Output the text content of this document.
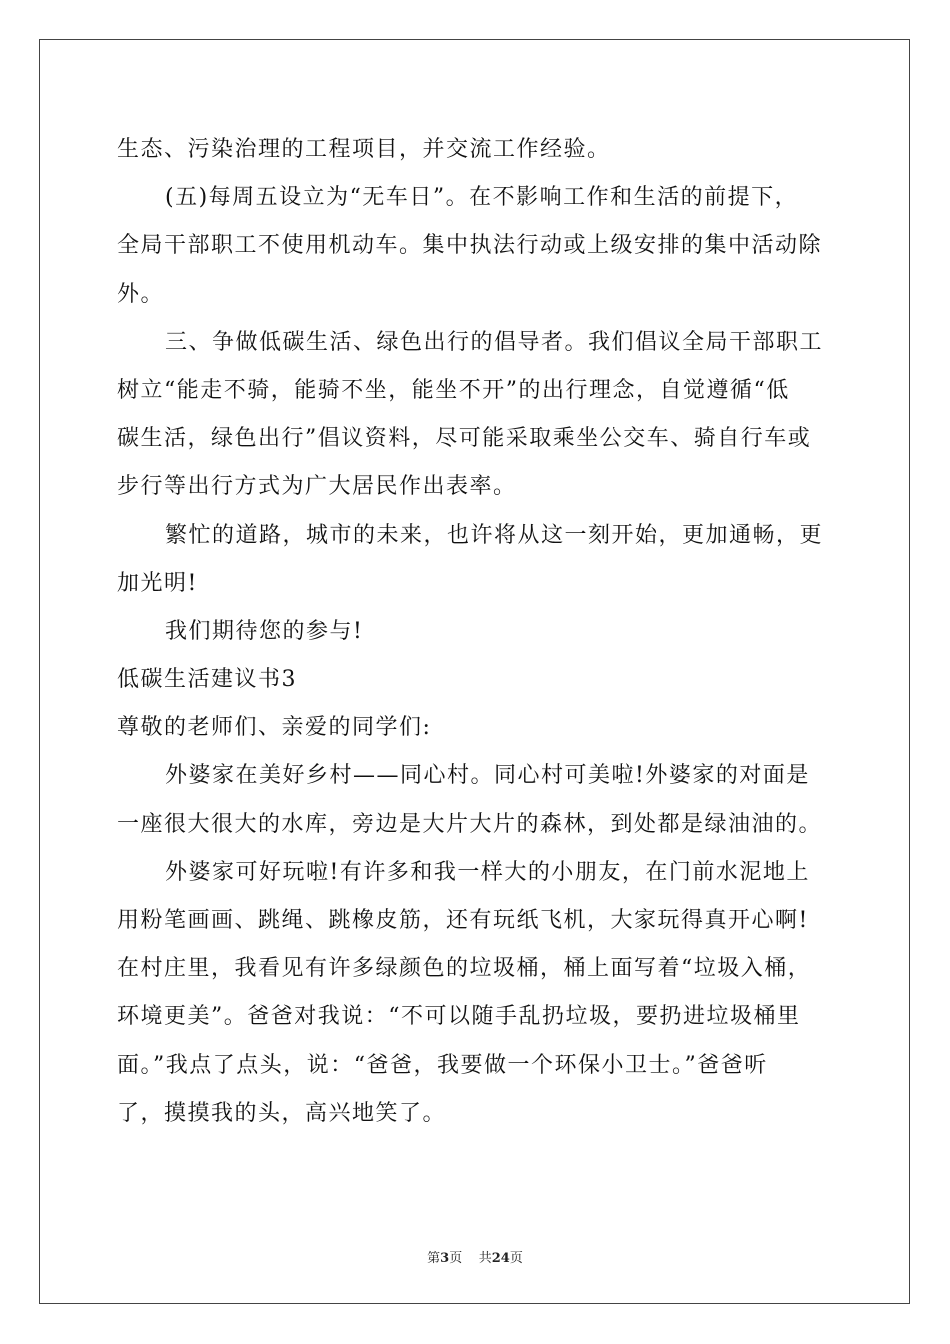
生态、污染治理的工程项目，并交流工作经验。
(五)每周五设立为“无车日”。在不影响工作和生活的前提下，
全局干部职工不使用机动车。集中执法行动或上级安排的集中活动除
外。
三、争做低碳生活、绿色出行的倡导者。我们倡议全局干部职工
树立“能走不骑，能骑不坐，能坐不开”的出行理念，自觉遵循“低
碳生活，绿色出行”倡议资料，尽可能采取乘坐公交车、骑自行车或
步行等出行方式为广大居民作出表率。
繁忙的道路，城市的未来，也许将从这一刻开始，更加通畅，更
加光明!
我们期待您的参与!
低碳生活建议书3
尊敬的老师们、亲爱的同学们:
外婆家在美好乡村——同心村。同心村可美啦!外婆家的对面是
一座很大很大的水库，旁边是大片大片的森林，到处都是绿油油的。
外婆家可好玩啦!有许多和我一样大的小朋友，在门前水泥地上
用粉笔画画、跳绳、跳橡皮筋，还有玩纸飞机，大家玩得真开心啊!
在村庄里，我看见有许多绿颜色的垃圾桶，桶上面写着“垃圾入桶，
环境更美”。爸爸对我说：“不可以随手乱扔垃圾，要扔进垃圾桶里
面。”我点了点头，说：“爸爸，我要做一个环保小卫士。”爸爸听
了，摸摸我的头，高兴地笑了。
第3页 共24页
